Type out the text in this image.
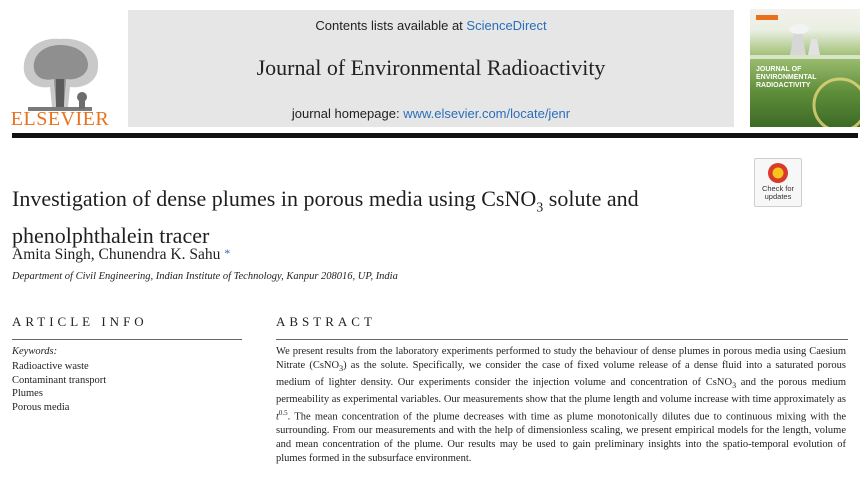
ELSEVIER
Contents lists available at ScienceDirect
Journal of Environmental Radioactivity
journal homepage: www.elsevier.com/locate/jenr
JOURNAL OF ENVIRONMENTAL RADIOACTIVITY
Check for
updates
Investigation of dense plumes in porous media using CsNO$_3$ solute and phenolphthalein tracer
Amita Singh, Chunendra K. Sahu *
Department of Civil Engineering, Indian Institute of Technology, Kanpur 208016, UP, India
ARTICLE INFO
Keywords:
Radioactive waste
Contaminant transport
Plumes
Porous media
ABSTRACT
We present results from the laboratory experiments performed to study the behaviour of dense plumes in porous media using Caesium Nitrate (CsNO$_3$) as the solute. Specifically, we consider the case of fixed volume release of a dense fluid into a saturated porous medium of lighter density. Our experiments consider the injection volume and concentration of CsNO$_3$ and the porous medium permeability as experimental variables. Our measurements show that the plume length and volume increase with time approximately as $t^{0.5}$. The mean concentration of the plume decreases with time as plume monotonically dilutes due to continuous mixing with the surrounding. From our measurements and with the help of dimensionless scaling, we present empirical models for the length, volume and mean concentration of the plume. Our results may be used to gain preliminary insights into the spatio-temporal evolution of plumes formed in the subsurface environment.
